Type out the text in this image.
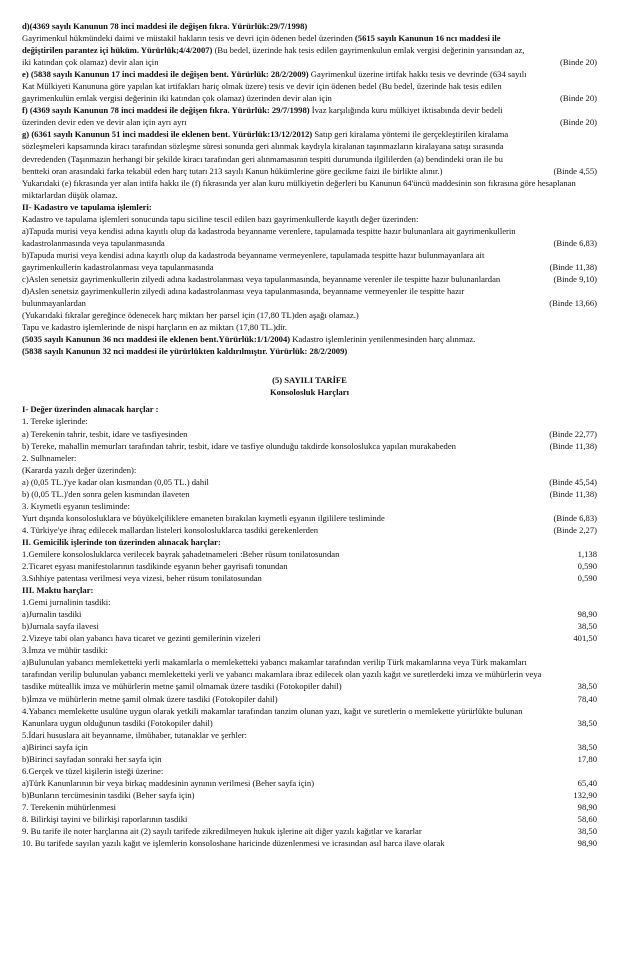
d)(4369 sayılı Kanunun 78 inci maddesi ile değişen fıkra. Yürürlük:29/7/1998)

Gayrimenkul hükmündeki daimi ve müstakil hakların tesis ve devri için ödenen bedel üzerinden (5615 sayılı Kanunun 16 ncı maddesi ile değiştirilen parantez içi hüküm. Yürürlük;4/4/2007) (Bu bedel, üzerinde hak tesis edilen gayrimenkulun emlak vergisi değerinin yarısından az, iki katından çok olamaz) devir alan için	(Binde 20)

e) (5838 sayılı Kanunun 17 inci maddesi ile değişen bent. Yürürlük: 28/2/2009) Gayrimenkul üzerine irtifak hakkı tesis ve devrinde (634 sayılı Kat Mülkiyeti Kanununa göre yapılan kat irtifakları hariç olmak üzere) tesis ve devir için ödenen bedel (Bu bedel, üzerinde hak tesis edilen gayrimenkulün emlak vergisi değerinin iki katından çok olamaz) üzerinden devir alan için	(Binde 20)

f) (4369 sayılı Kanunun 78 inci maddesi ile değişen fıkra. Yürürlük: 29/7/1998) İvaz karşılığında kuru mülkiyet iktisabında devir bedeli üzerinden devir eden ve devir alan için ayrı ayrı	(Binde 20)

g) (6361 sayılı Kanunun 51 inci maddesi ile eklenen bent. Yürürlük:13/12/2012) Satıp geri kiralama yöntemi ile gerçekleştirilen kiralama sözleşmeleri kapsamında kiracı tarafından sözleşme süresi sonunda geri alınmak kaydıyla kiralanan taşınmazların kiralayana satışı sırasında devredenden (Taşınmazın herhangi bir şekilde kiracı tarafından geri alınmamasının tespiti durumunda ilgililerden (a) bendindeki oran ile bu bentteki oran arasındaki farka tekabül eden harç tutarı 213 sayılı Kanun hükümlerine göre gecikme faizi ile birlikte alınır.)	(Binde 4,55)

Yukarıdaki (e) fıkrasında yer alan intifa hakkı ile (f) fıkrasında yer alan kuru mülkiyetin değerleri bu Kanunun 64'üncü maddesinin son fıkrasına göre hesaplanan miktarlardan düşük olamaz.

II- Kadastro ve tapulama işlemleri:

Kadastro ve tapulama işlemleri sonucunda tapu siciline tescil edilen bazı gayrimenkullerde kayıtlı değer üzerinden:

a)Tapuda murisi veya kendisi adına kayıtlı olup da kadastroda beyanname verenlere, tapulamada tespitte hazır bulunanlara ait gayrimenkullerin kadastrolanmasında veya tapulanmasında	(Binde 6,83)

b)Tapuda murisi veya kendisi adına kayıtlı olup da kadastroda beyanname vermeyenlere, tapulamada tespitte hazır bulunmayanlara ait gayrimenkullerin kadastrolanması veya tapulanmasında	(Binde 11,38)

c)Aslen senetsiz gayrimenkullerin zilyedi adına kadastrolanması veya tapulanmasında, beyanname verenler ile tespitte hazır bulunanlardan	(Binde 9,10)

d)Aslen senetsiz gayrimenkullerin zilyedi adına kadastrolanması veya tapulanmasında, beyanname vermeyenler ile tespitte hazır bulunmayanlardan	(Binde 13,66)

(Yukarıdaki fıkralar gereğince ödenecek harç miktarı her parsel için (17,80 TL)den aşağı olamaz.)

Tapu ve kadastro işlemlerinde de nispi harçların en az miktarı (17,80 TL.)dir.

(5035 sayılı Kanunun 36 ncı maddesi ile eklenen bent.Yürürlük:1/1/2004) Kadastro işlemlerinin yenilenmesinden harç alınmaz.

(5838 sayılı Kanunun 32 nci maddesi ile yürürlükten kaldırılmıştır. Yürürlük: 28/2/2009)

(5) SAYILI TARİFE
Konsolosluk Harçları

I- Değer üzerinden alınacak harçlar :

1. Tereke işlerinde:

a) Terekenin tahrir, tesbit, idare ve tasfiyesinden	(Binde 22,77)

b) Tereke, mahallin memurları tarafından tahrir, tesbit, idare ve tasfiye olunduğu takdirde konsoloslukca yapılan murakabeden	(Binde 11,38)

2. Sulhnameler:

(Kararda yazılı değer üzerinden):

a) (0,05 TL.)'ye kadar olan kısmından (0,05 TL.) dahil	(Binde 45,54)

b) (0,05 TL.)'den sonra gelen kısmından ilaveten	(Binde 11,38)

3. Kıymetli eşyanın tesliminde:

Yurt dışında konsolosluklara ve büyükelçiliklere emaneten bırakılan kıymetli eşyanın ilgililere tesliminde	(Binde 6,83)

4. Türkiye'ye ihraç edilecek mallardan listeleri konsolosluklarca tasdiki gerekenlerden	(Binde 2,27)

II. Gemicilik işlerinde ton üzerinden alınacak harçlar:

1.Gemilere konsolosluklarca verilecek bayrak şahadetnameleri :Beher rüsum tonilatosundan	1,138

2.Ticaret eşyası manifestolarının tasdikinde eşyanın beher gayrisafi tonundan	0,590

3.Sıhhiye patentası verilmesi veya vizesi, beher rüsum tonilatosundan	0,590

III. Maktu harçlar:

1.Gemi jurnalinin tasdiki:

a)Jurnalin tasdiki	98,90

b)Jurnala sayfa ilavesi	38,50

2.Vizeye tabi olan yabancı hava ticaret ve gezinti gemilerinin vizeleri	401,50

3.İmza ve mühür tasdiki:

a)Bulunulan yabancı memleketteki yerli makamlarla o memleketteki yabancı makamlar tarafından verilip Türk makamlarına veya Türk makamları tarafından verilip bulunulan yabancı memleketteki yerli ve yabancı makamlara ibraz edilecek olan yazılı kağıt ve suretlerdeki imza ve mühürlerin veya tasdike müteallik imza ve mühürlerin metne şamil olmamak üzere tasdiki (Fotokopiler dahil)	38,50

b)İmza ve mühürlerin metne şamil olmak üzere tasdiki (Fotokopiler dahil)	78,40

4.Yabancı memlekette usulüne uygun olarak yetkili makamlar tarafından tanzim olunan yazı, kağıt ve suretlerin o memlekette yürürlükte bulunan Kanunlara uygun olduğunun tasdiki (Fotokopiler dahil)	38,50

5.İdari hususlara ait beyanname, ilmühaber, tutanaklar ve şerhler:

a)Birinci sayfa için	38,50

b)Birinci sayfadan sonraki her sayfa için	17,80

6.Gerçek ve tüzel kişilerin isteği üzerine:

a)Türk Kanunlarının bir veya birkaç maddesinin aynının verilmesi (Beher sayfa için)	65,40

b)Bunların tercümesinin tasdiki (Beher sayfa için)	132,90

7. Terekenin mühürlenmesi	98,90

8. Bilirkişi tayini ve bilirkişi raporlarının tasdiki	58,60

9. Bu tarife ile noter harçlarına ait (2) sayılı tarifede zikredilmeyen hukuk işlerine ait diğer yazılı kağıtlar ve kararlar	38,50

10. Bu tarifede sayılan yazılı kağıt ve işlemlerin konsoloshane haricinde düzenlenmesi ve icrasından asıl harca ilave olarak	98,90
